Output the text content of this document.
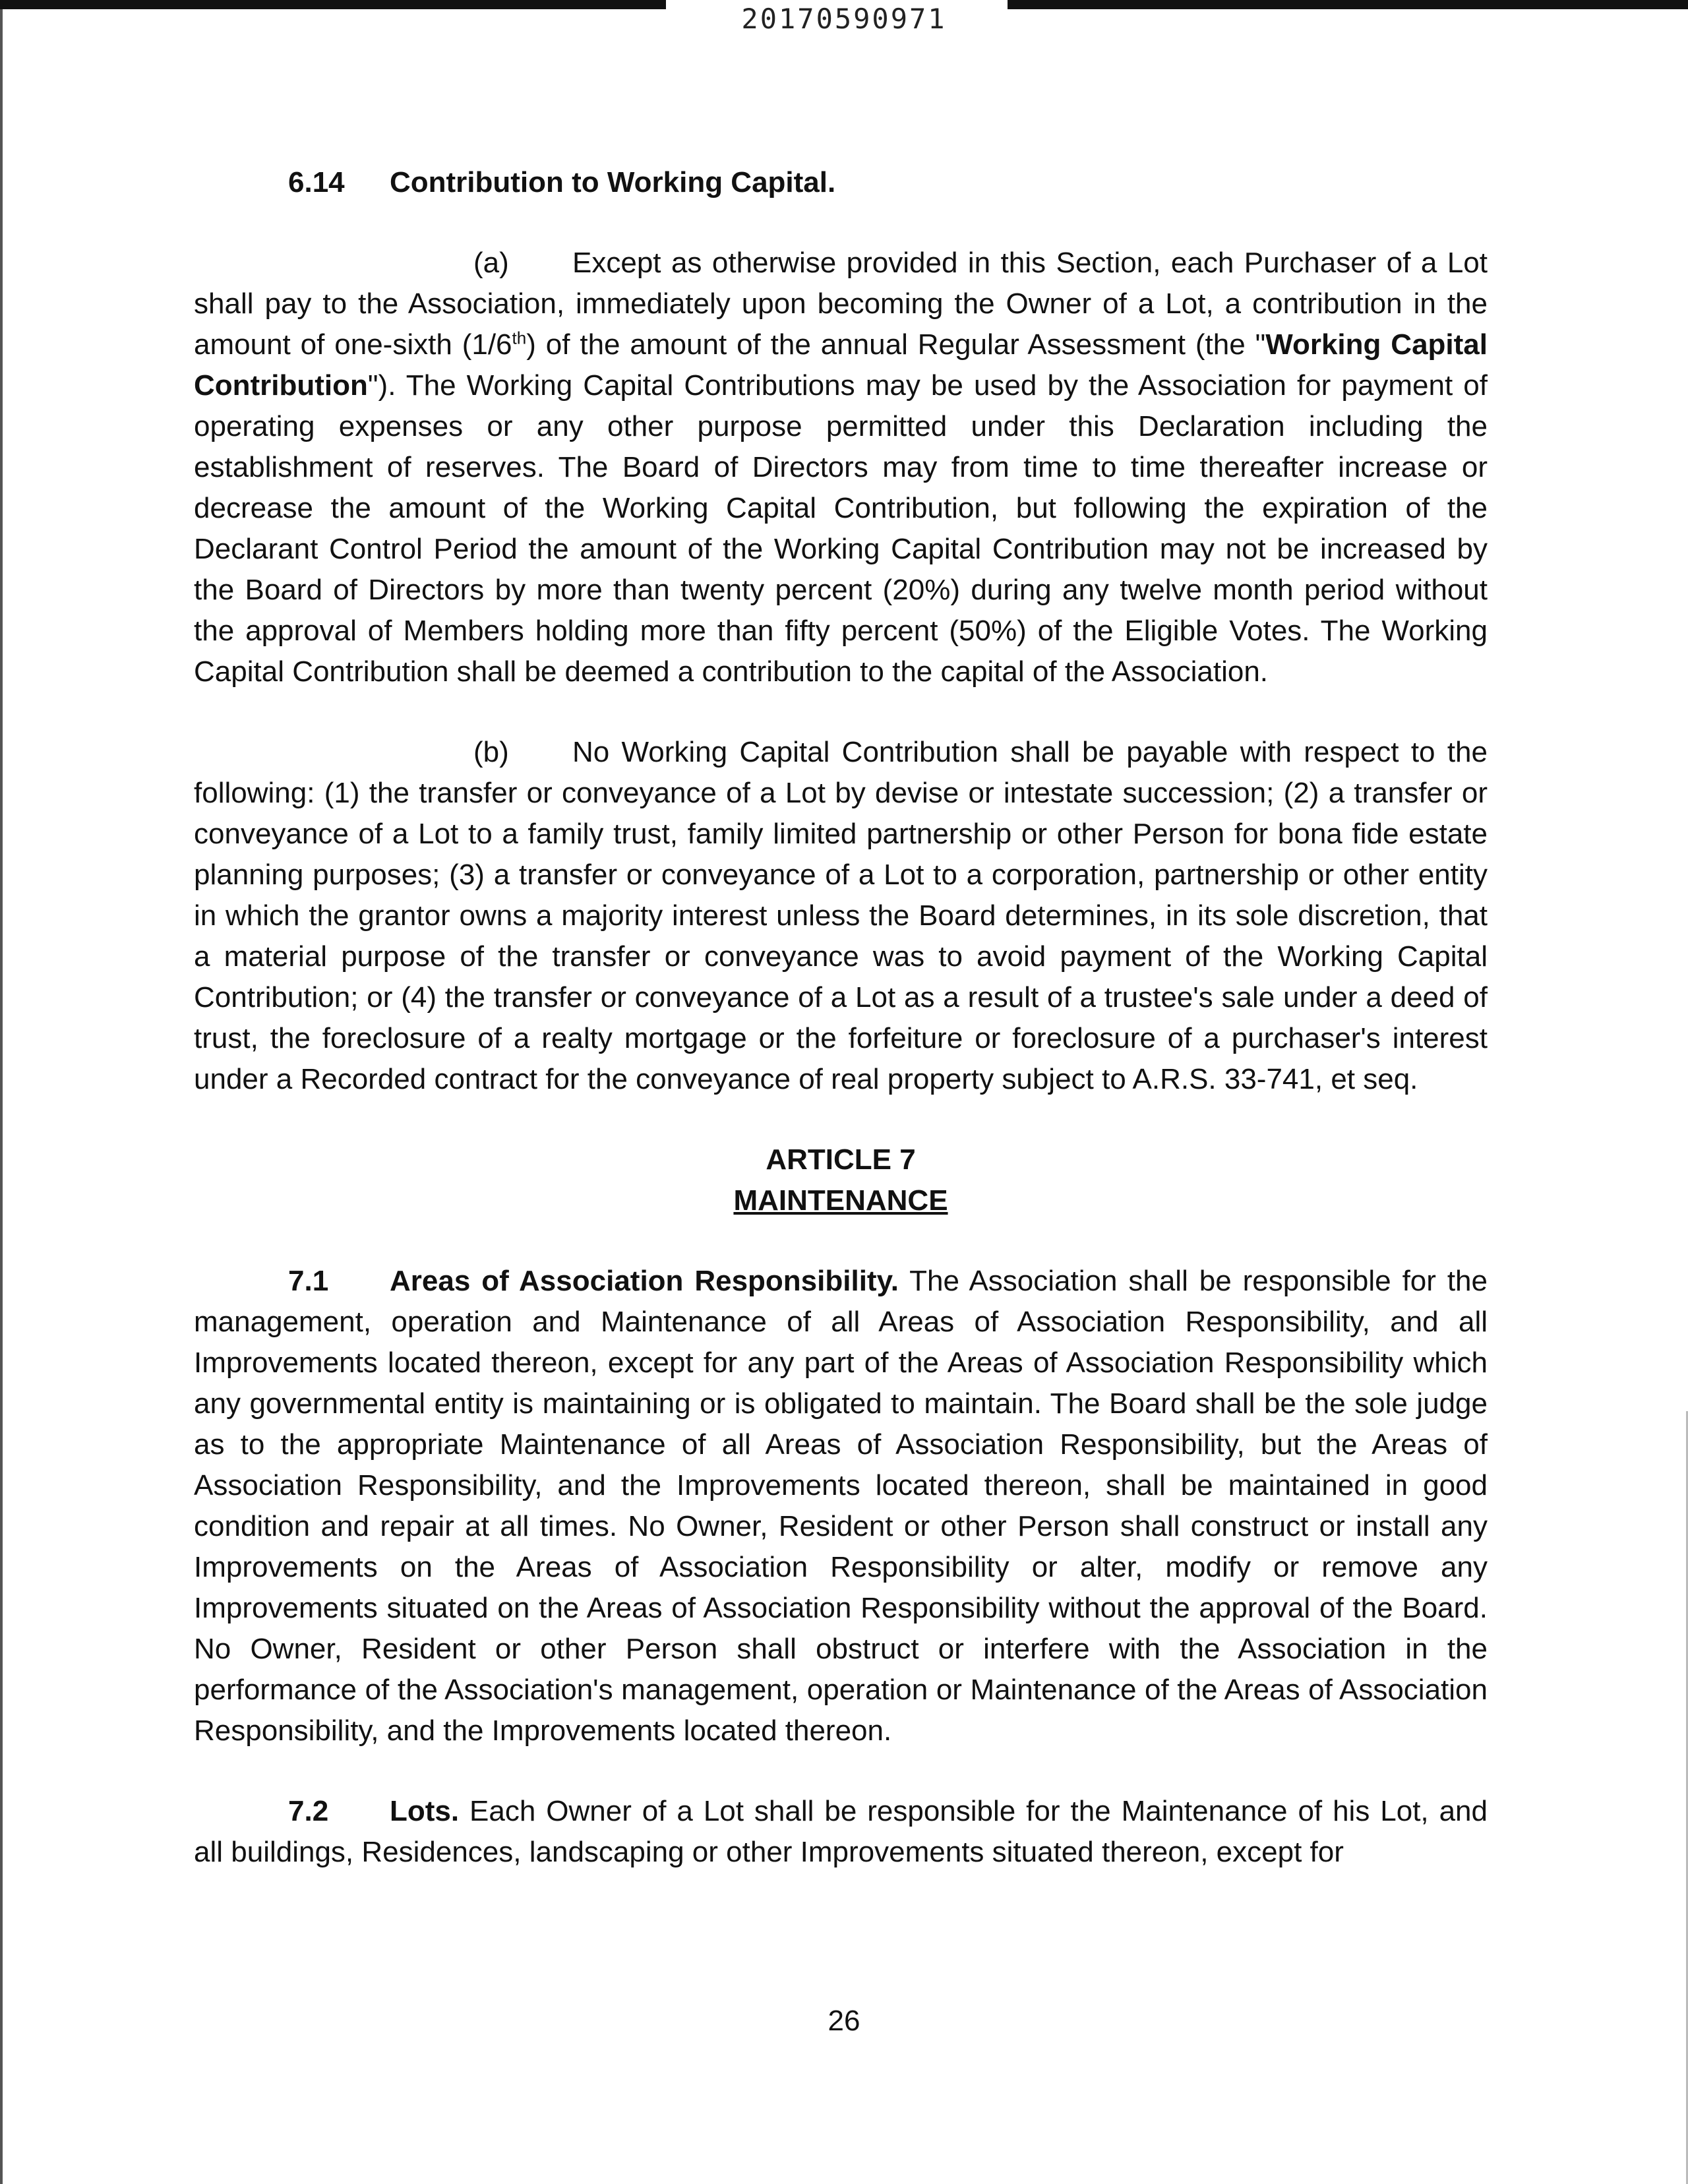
20170590971

6.14 Contribution to Working Capital.

(a) Except as otherwise provided in this Section, each Purchaser of a Lot shall pay to the Association, immediately upon becoming the Owner of a Lot, a contribution in the amount of one-sixth (1/6th) of the amount of the annual Regular Assessment (the "Working Capital Contribution"). The Working Capital Contributions may be used by the Association for payment of operating expenses or any other purpose permitted under this Declaration including the establishment of reserves. The Board of Directors may from time to time thereafter increase or decrease the amount of the Working Capital Contribution, but following the expiration of the Declarant Control Period the amount of the Working Capital Contribution may not be increased by the Board of Directors by more than twenty percent (20%) during any twelve month period without the approval of Members holding more than fifty percent (50%) of the Eligible Votes. The Working Capital Contribution shall be deemed a contribution to the capital of the Association.

(b) No Working Capital Contribution shall be payable with respect to the following: (1) the transfer or conveyance of a Lot by devise or intestate succession; (2) a transfer or conveyance of a Lot to a family trust, family limited partnership or other Person for bona fide estate planning purposes; (3) a transfer or conveyance of a Lot to a corporation, partnership or other entity in which the grantor owns a majority interest unless the Board determines, in its sole discretion, that a material purpose of the transfer or conveyance was to avoid payment of the Working Capital Contribution; or (4) the transfer or conveyance of a Lot as a result of a trustee's sale under a deed of trust, the foreclosure of a realty mortgage or the forfeiture or foreclosure of a purchaser's interest under a Recorded contract for the conveyance of real property subject to A.R.S. 33-741, et seq.

ARTICLE 7
MAINTENANCE

7.1 Areas of Association Responsibility. The Association shall be responsible for the management, operation and Maintenance of all Areas of Association Responsibility, and all Improvements located thereon, except for any part of the Areas of Association Responsibility which any governmental entity is maintaining or is obligated to maintain. The Board shall be the sole judge as to the appropriate Maintenance of all Areas of Association Responsibility, but the Areas of Association Responsibility, and the Improvements located thereon, shall be maintained in good condition and repair at all times. No Owner, Resident or other Person shall construct or install any Improvements on the Areas of Association Responsibility or alter, modify or remove any Improvements situated on the Areas of Association Responsibility without the approval of the Board. No Owner, Resident or other Person shall obstruct or interfere with the Association in the performance of the Association's management, operation or Maintenance of the Areas of Association Responsibility, and the Improvements located thereon.

7.2 Lots. Each Owner of a Lot shall be responsible for the Maintenance of his Lot, and all buildings, Residences, landscaping or other Improvements situated thereon, except for

26
